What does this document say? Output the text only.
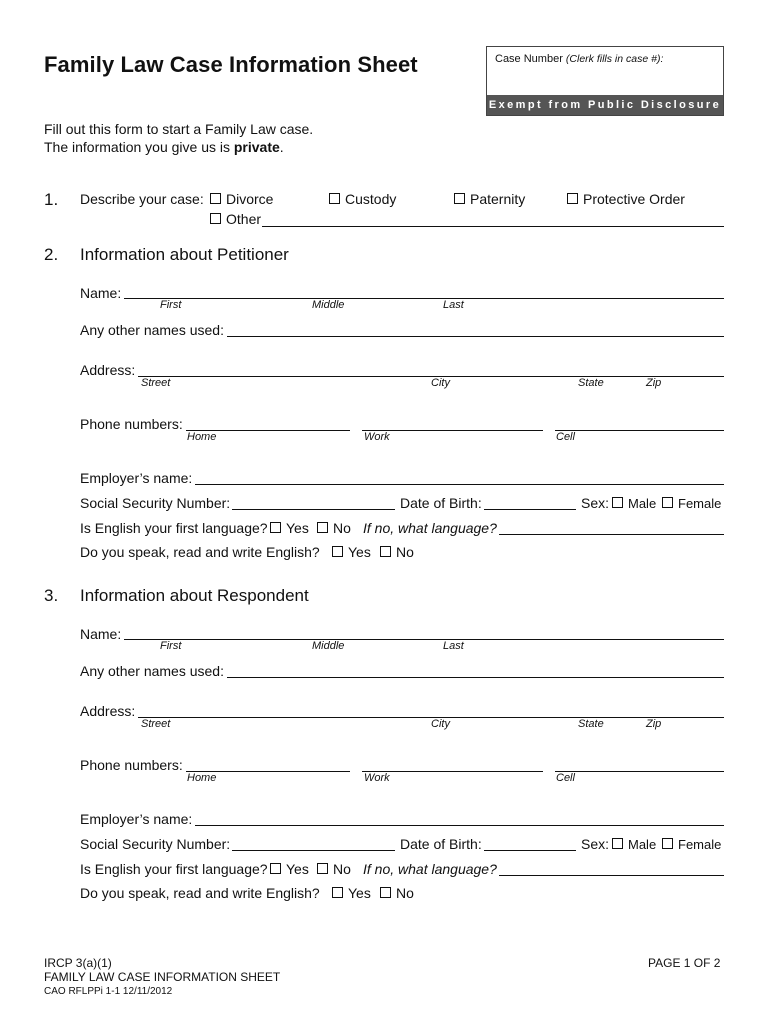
Family Law Case Information Sheet	Case Number (Clerk fills in case #):
Exempt from Public Disclosure
Fill out this form to start a Family Law case.
The information you give us is private.
1. Describe your case: Divorce	Custody	Paternity	Protective Order
Other
2. Information about Petitioner
Name:
First	Middle	Last
Any other names used:
Address:
Street	City	State	Zip
Phone numbers:
Home	Work	Cell
Employer’s name:
Social Security Number:	Date of Birth:	Sex: Male Female
Is English your first language? Yes No If no, what language?
Do you speak, read and write English? Yes No
3. Information about Respondent
Name:
First	Middle	Last
Any other names used:
Address:
Street	City	State	Zip
Phone numbers:
Home	Work	Cell
Employer’s name:
Social Security Number:	Date of Birth:	Sex: Male Female
Is English your first language? Yes No If no, what language?
Do you speak, read and write English? Yes No
IRCP 3(a)(1)
FAMILY LAW CASE INFORMATION SHEET
CAO RFLPPi 1-1 12/11/2012
PAGE 1 OF 2
